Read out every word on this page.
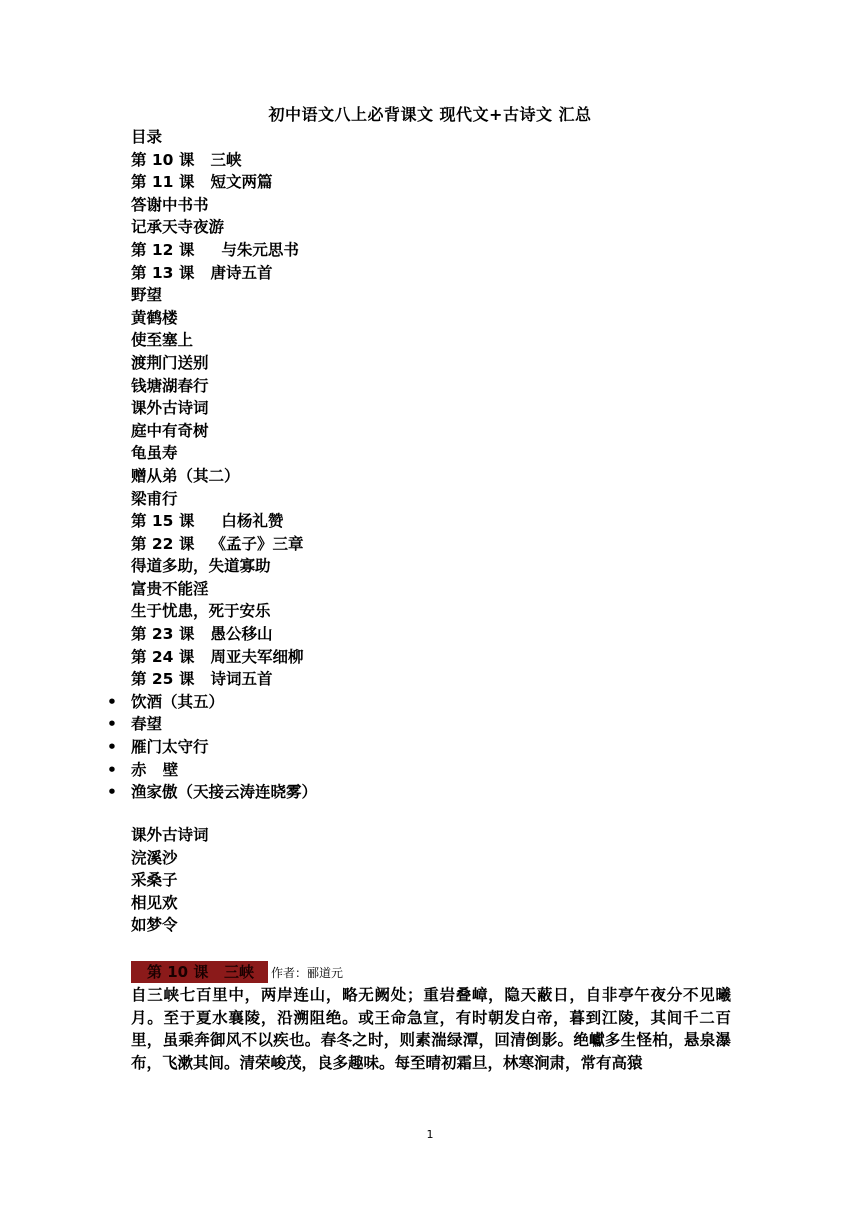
初中语文八上必背课文 现代文+古诗文 汇总
目录
第 10 课   三峡
第 11 课   短文两篇
答谢中书书
记承天寺夜游
第 12 课     与朱元思书
第 13 课   唐诗五首
野望
黄鹤楼
使至塞上
渡荆门送别
钱塘湖春行
课外古诗词
庭中有奇树
龟虽寿
赠从弟（其二）
梁甫行
第 15 课     白杨礼赞
第 22 课   《孟子》三章
得道多助，失道寡助
富贵不能淫
生于忧患，死于安乐
第 23 课   愚公移山
第 24 课   周亚夫军细柳
第 25 课   诗词五首
• 饮酒（其五）
• 春望
• 雁门太守行
• 赤   壁
• 渔家傲（天接云涛连晓雾）
课外古诗词
浣溪沙
采桑子
相见欢
如梦令
第 10 课   三峡	作者：郦道元
自三峡七百里中，两岸连山，略无阙处；重岩叠嶂，隐天蔽日，自非亭午夜分不见曦月。至于夏水襄陵，沿溯阻绝。或王命急宣，有时朝发白帝，暮到江陵，其间千二百里，虽乘奔御风不以疾也。春冬之时，则素湍绿潭，回清倒影。绝巘多生怪柏，悬泉瀑布，飞漱其间。清荣峻茂，良多趣味。每至晴初霜旦，林寒涧肃，常有高猿
1
